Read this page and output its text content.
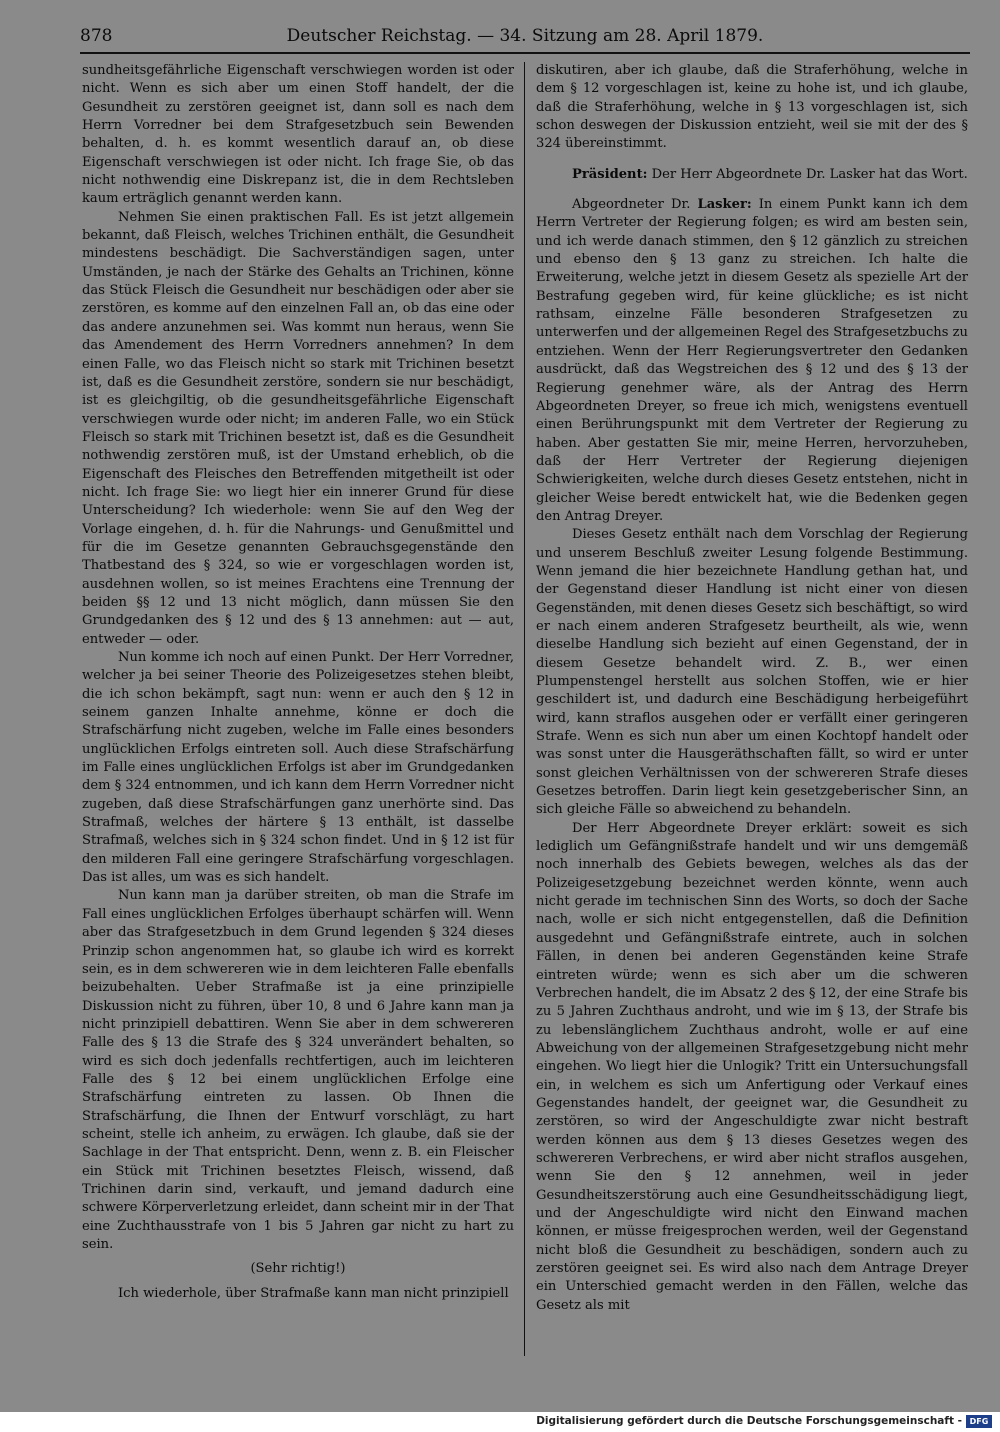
878	Deutscher Reichstag. — 34. Sitzung am 28. April 1879.

sundheitsgefährliche Eigenschaft verschwiegen worden ist oder nicht. Wenn es sich aber um einen Stoff handelt, der die Gesundheit zu zerstören geeignet ist, dann soll es nach dem Herrn Vorredner bei dem Strafgesetzbuch sein Bewenden behalten, d. h. es kommt wesentlich darauf an, ob diese Eigenschaft verschwiegen ist oder nicht. Ich frage Sie, ob das nicht nothwendig eine Diskrepanz ist, die in dem Rechtsleben kaum erträglich genannt werden kann.

Nehmen Sie einen praktischen Fall. Es ist jetzt allgemein bekannt, daß Fleisch, welches Trichinen enthält, die Gesundheit mindestens beschädigt. Die Sachverständigen sagen, unter Umständen, je nach der Stärke des Gehalts an Trichinen, könne das Stück Fleisch die Gesundheit nur beschädigen oder aber sie zerstören, es komme auf den einzelnen Fall an, ob das eine oder das andere anzunehmen sei. Was kommt nun heraus, wenn Sie das Amendement des Herrn Vorredners annehmen? In dem einen Falle, wo das Fleisch nicht so stark mit Trichinen besetzt ist, daß es die Gesundheit zerstöre, sondern sie nur beschädigt, ist es gleichgiltig, ob die gesundheitsgefährliche Eigenschaft verschwiegen wurde oder nicht; im anderen Falle, wo ein Stück Fleisch so stark mit Trichinen besetzt ist, daß es die Gesundheit nothwendig zerstören muß, ist der Umstand erheblich, ob die Eigenschaft des Fleisches den Betreffenden mitgetheilt ist oder nicht. Ich frage Sie: wo liegt hier ein innerer Grund für diese Unterscheidung? Ich wiederhole: wenn Sie auf den Weg der Vorlage eingehen, d. h. für die Nahrungs- und Genußmittel und für die im Gesetze genannten Gebrauchsgegenstände den Thatbestand des § 324, so wie er vorgeschlagen worden ist, ausdehnen wollen, so ist meines Erachtens eine Trennung der beiden §§ 12 und 13 nicht möglich, dann müssen Sie den Grundgedanken des § 12 und des § 13 annehmen: aut — aut, entweder — oder.

Nun komme ich noch auf einen Punkt. Der Herr Vorredner, welcher ja bei seiner Theorie des Polizeigesetzes stehen bleibt, die ich schon bekämpft, sagt nun: wenn er auch den § 12 in seinem ganzen Inhalte annehme, könne er doch die Strafschärfung nicht zugeben, welche im Falle eines besonders unglücklichen Erfolgs eintreten soll. Auch diese Strafschärfung im Falle eines unglücklichen Erfolgs ist aber im Grundgedanken dem § 324 entnommen, und ich kann dem Herrn Vorredner nicht zugeben, daß diese Strafschärfungen ganz unerhörte sind. Das Strafmaß, welches der härtere § 13 enthält, ist dasselbe Strafmaß, welches sich in § 324 schon findet. Und in § 12 ist für den milderen Fall eine geringere Strafschärfung vorgeschlagen. Das ist alles, um was es sich handelt.

Nun kann man ja darüber streiten, ob man die Strafe im Fall eines unglücklichen Erfolges überhaupt schärfen will. Wenn aber das Strafgesetzbuch in dem Grund legenden § 324 dieses Prinzip schon angenommen hat, so glaube ich wird es korrekt sein, es in dem schwereren wie in dem leichteren Falle ebenfalls beizubehalten. Ueber Strafmaße ist ja eine prinzipielle Diskussion nicht zu führen, über 10, 8 und 6 Jahre kann man ja nicht prinzipiell debattiren. Wenn Sie aber in dem schwereren Falle des § 13 die Strafe des § 324 unverändert behalten, so wird es sich doch jedenfalls rechtfertigen, auch im leichteren Falle des § 12 bei einem unglücklichen Erfolge eine Strafschärfung eintreten zu lassen. Ob Ihnen die Strafschärfung, die Ihnen der Entwurf vorschlägt, zu hart scheint, stelle ich anheim, zu erwägen. Ich glaube, daß sie der Sachlage in der That entspricht. Denn, wenn z. B. ein Fleischer ein Stück mit Trichinen besetztes Fleisch, wissend, daß Trichinen darin sind, verkauft, und jemand dadurch eine schwere Körperverletzung erleidet, dann scheint mir in der That eine Zuchthausstrafe von 1 bis 5 Jahren gar nicht zu hart zu sein.

(Sehr richtig!)

Ich wiederhole, über Strafmaße kann man nicht prinzipiell

diskutiren, aber ich glaube, daß die Straferhöhung, welche in dem § 12 vorgeschlagen ist, keine zu hohe ist, und ich glaube, daß die Straferhöhung, welche in § 13 vorgeschlagen ist, sich schon deswegen der Diskussion entzieht, weil sie mit der des § 324 übereinstimmt.

Präsident: Der Herr Abgeordnete Dr. Lasker hat das Wort.

Abgeordneter Dr. Lasker: In einem Punkt kann ich dem Herrn Vertreter der Regierung folgen; es wird am besten sein, und ich werde danach stimmen, den § 12 gänzlich zu streichen und ebenso den § 13 ganz zu streichen. Ich halte die Erweiterung, welche jetzt in diesem Gesetz als spezielle Art der Bestrafung gegeben wird, für keine glückliche; es ist nicht rathsam, einzelne Fälle besonderen Strafgesetzen zu unterwerfen und der allgemeinen Regel des Strafgesetzbuchs zu entziehen. Wenn der Herr Regierungsvertreter den Gedanken ausdrückt, daß das Wegstreichen des § 12 und des § 13 der Regierung genehmer wäre, als der Antrag des Herrn Abgeordneten Dreyer, so freue ich mich, wenigstens eventuell einen Berührungspunkt mit dem Vertreter der Regierung zu haben. Aber gestatten Sie mir, meine Herren, hervorzuheben, daß der Herr Vertreter der Regierung diejenigen Schwierigkeiten, welche durch dieses Gesetz entstehen, nicht in gleicher Weise beredt entwickelt hat, wie die Bedenken gegen den Antrag Dreyer.

Dieses Gesetz enthält nach dem Vorschlag der Regierung und unserem Beschluß zweiter Lesung folgende Bestimmung. Wenn jemand die hier bezeichnete Handlung gethan hat, und der Gegenstand dieser Handlung ist nicht einer von diesen Gegenständen, mit denen dieses Gesetz sich beschäftigt, so wird er nach einem anderen Strafgesetz beurtheilt, als wie, wenn dieselbe Handlung sich bezieht auf einen Gegenstand, der in diesem Gesetze behandelt wird. Z. B., wer einen Plumpenstengel herstellt aus solchen Stoffen, wie er hier geschildert ist, und dadurch eine Beschädigung herbeigeführt wird, kann straflos ausgehen oder er verfällt einer geringeren Strafe. Wenn es sich nun aber um einen Kochtopf handelt oder was sonst unter die Hausgeräthschaften fällt, so wird er unter sonst gleichen Verhältnissen von der schwereren Strafe dieses Gesetzes betroffen. Darin liegt kein gesetzgeberischer Sinn, an sich gleiche Fälle so abweichend zu behandeln.

Der Herr Abgeordnete Dreyer erklärt: soweit es sich lediglich um Gefängnißstrafe handelt und wir uns demgemäß noch innerhalb des Gebiets bewegen, welches als das der Polizeigesetzgebung bezeichnet werden könnte, wenn auch nicht gerade im technischen Sinn des Worts, so doch der Sache nach, wolle er sich nicht entgegenstellen, daß die Definition ausgedehnt und Gefängnißstrafe eintrete, auch in solchen Fällen, in denen bei anderen Gegenständen keine Strafe eintreten würde; wenn es sich aber um die schweren Verbrechen handelt, die im Absatz 2 des § 12, der eine Strafe bis zu 5 Jahren Zuchthaus androht, und wie im § 13, der Strafe bis zu lebenslänglichem Zuchthaus androht, wolle er auf eine Abweichung von der allgemeinen Strafgesetzgebung nicht mehr eingehen. Wo liegt hier die Unlogik? Tritt ein Untersuchungsfall ein, in welchem es sich um Anfertigung oder Verkauf eines Gegenstandes handelt, der geeignet war, die Gesundheit zu zerstören, so wird der Angeschuldigte zwar nicht bestraft werden können aus dem § 13 dieses Gesetzes wegen des schwereren Verbrechens, er wird aber nicht straflos ausgehen, wenn Sie den § 12 annehmen, weil in jeder Gesundheitszerstörung auch eine Gesundheitsschädigung liegt, und der Angeschuldigte wird nicht den Einwand machen können, er müsse freigesprochen werden, weil der Gegenstand nicht bloß die Gesundheit zu beschädigen, sondern auch zu zerstören geeignet sei. Es wird also nach dem Antrage Dreyer ein Unterschied gemacht werden in den Fällen, welche das Gesetz als mit

Digitalisierung gefördert durch die Deutsche Forschungsgemeinschaft - DFG
